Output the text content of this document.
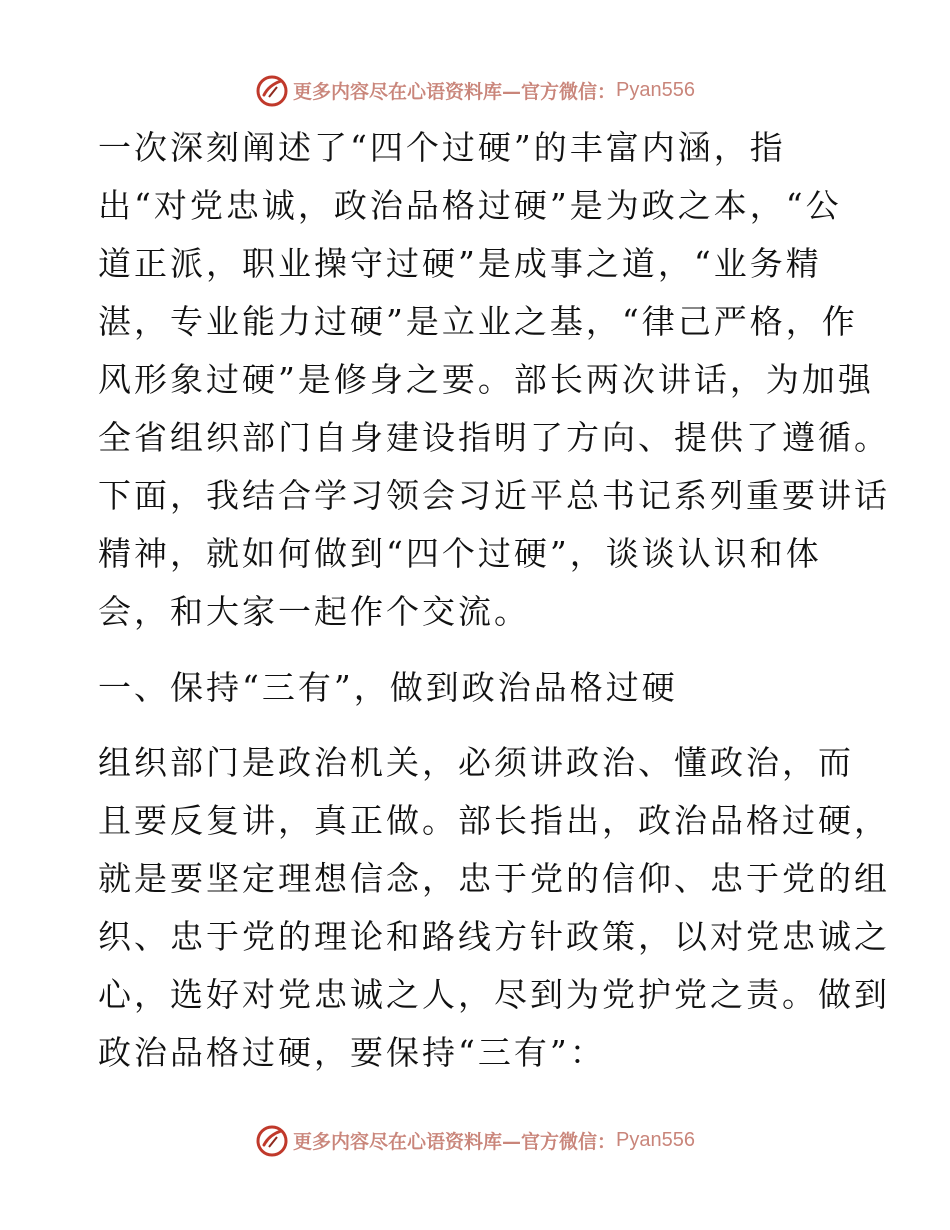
更多内容尽在心语资料库—官方微信： Pyan556
一次深刻阐述了“四个过硬”的丰富内涵，指
出“对党忠诚，政治品格过硬”是为政之本，“公
道正派，职业操守过硬”是成事之道，“业务精
湛，专业能力过硬”是立业之基，“律己严格，作
风形象过硬”是修身之要。部长两次讲话，为加强
全省组织部门自身建设指明了方向、提供了遵循。
下面，我结合学习领会习近平总书记系列重要讲话
精神，就如何做到“四个过硬”，谈谈认识和体
会，和大家一起作个交流。
一、保持“三有”，做到政治品格过硬
组织部门是政治机关，必须讲政治、懂政治，而
且要反复讲，真正做。部长指出，政治品格过硬，
就是要坚定理想信念，忠于党的信仰、忠于党的组
织、忠于党的理论和路线方针政策，以对党忠诚之
心，选好对党忠诚之人，尽到为党护党之责。做到
政治品格过硬，要保持“三有”：
更多内容尽在心语资料库—官方微信： Pyan556
